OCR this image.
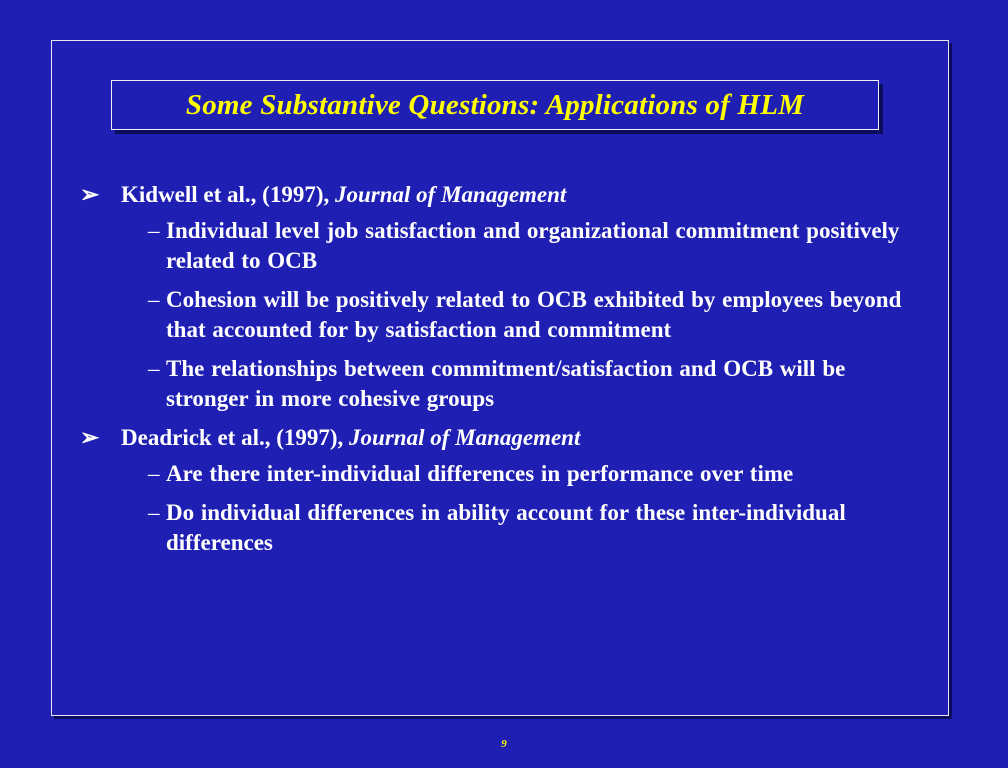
Some Substantive Questions: Applications of HLM
➢ Kidwell et al., (1997), Journal of Management
– Individual level job satisfaction and organizational commitment positively related to OCB
– Cohesion will be positively related to OCB exhibited by employees beyond that accounted for by satisfaction and commitment
– The relationships between commitment/satisfaction and OCB will be stronger in more cohesive groups
➢ Deadrick et al., (1997), Journal of Management
– Are there inter-individual differences in performance over time
– Do individual differences in ability account for these inter-individual differences
9
